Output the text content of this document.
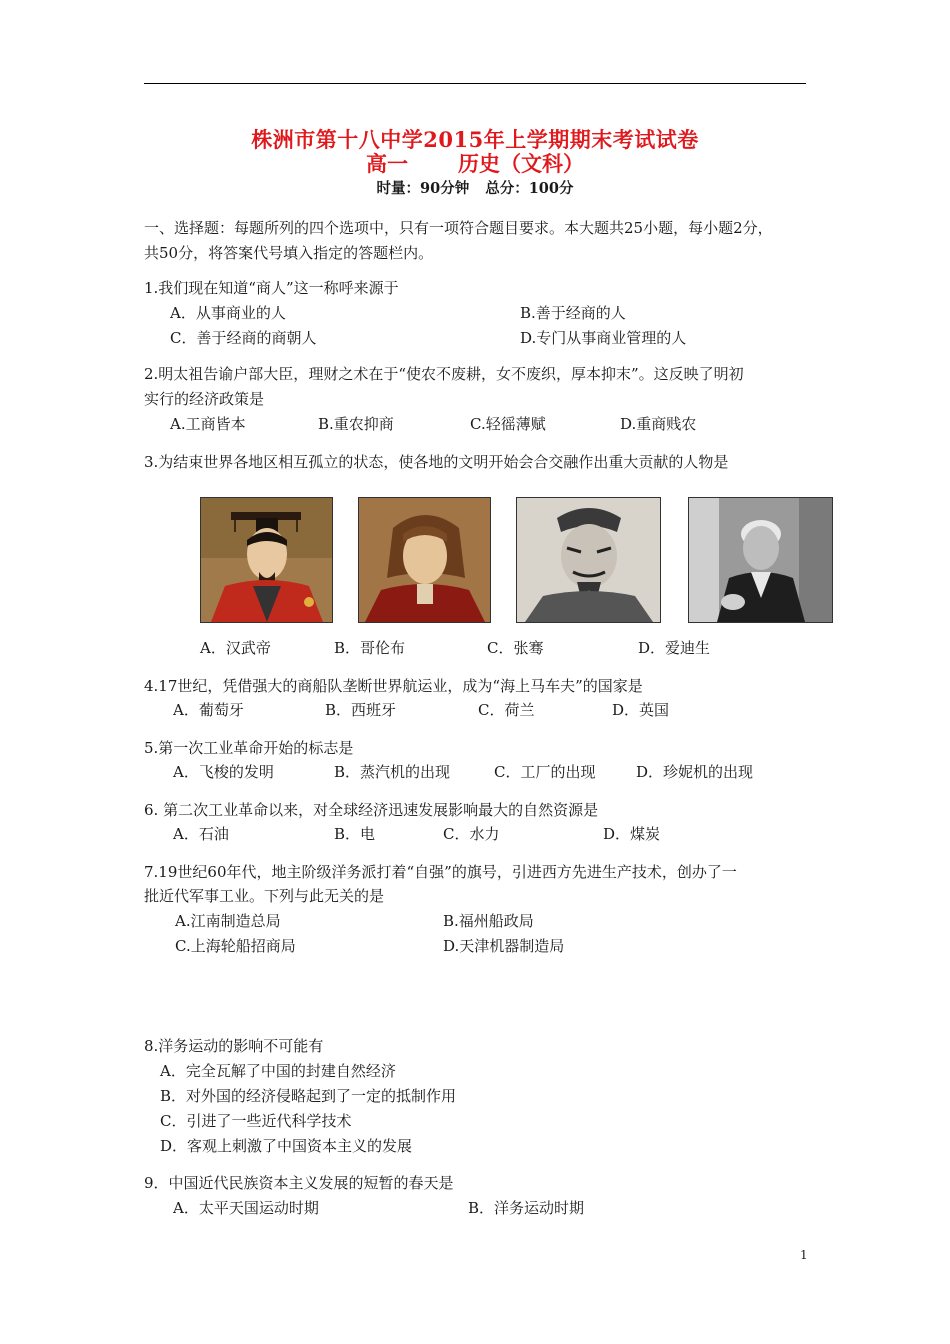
株洲市第十八中学2015年上学期期末考试试卷
高一 历史（文科）
时量：90分钟 总分：100分
一、选择题：每题所列的四个选项中，只有一项符合题目要求。本大题共25小题，每小题2分，
共50分，将答案代号填入指定的答题栏内。
1.我们现在知道“商人”这一称呼来源于
A．从事商业的人	B.善于经商的人
C．善于经商的商朝人	D.专门从事商业管理的人
2.明太祖告谕户部大臣，理财之术在于“使农不废耕，女不废织，厚本抑末”。这反映了明初
实行的经济政策是
A.工商皆本	B.重农抑商	C.轻徭薄赋	D.重商贱农
3.为结束世界各地区相互孤立的状态，使各地的文明开始会合交融作出重大贡献的人物是
A．汉武帝	B．哥伦布	C．张骞	D．爱迪生
4.17世纪，凭借强大的商船队垄断世界航运业，成为“海上马车夫”的国家是
A．葡萄牙	B．西班牙	C．荷兰	D．英国
5.第一次工业革命开始的标志是
A．飞梭的发明	B．蒸汽机的出现	C．工厂的出现	D．珍妮机的出现
6. 第二次工业革命以来，对全球经济迅速发展影响最大的自然资源是
A．石油	B．电	C．水力	D．煤炭
7.19世纪60年代，地主阶级洋务派打着“自强”的旗号，引进西方先进生产技术，创办了一
批近代军事工业。下列与此无关的是
A.江南制造总局	B.福州船政局
C.上海轮船招商局	D.天津机器制造局
8.洋务运动的影响不可能有
A．完全瓦解了中国的封建自然经济
B．对外国的经济侵略起到了一定的抵制作用
C．引进了一些近代科学技术
D．客观上刺激了中国资本主义的发展
9．中国近代民族资本主义发展的短暂的春天是
A．太平天国运动时期	B．洋务运动时期
1
